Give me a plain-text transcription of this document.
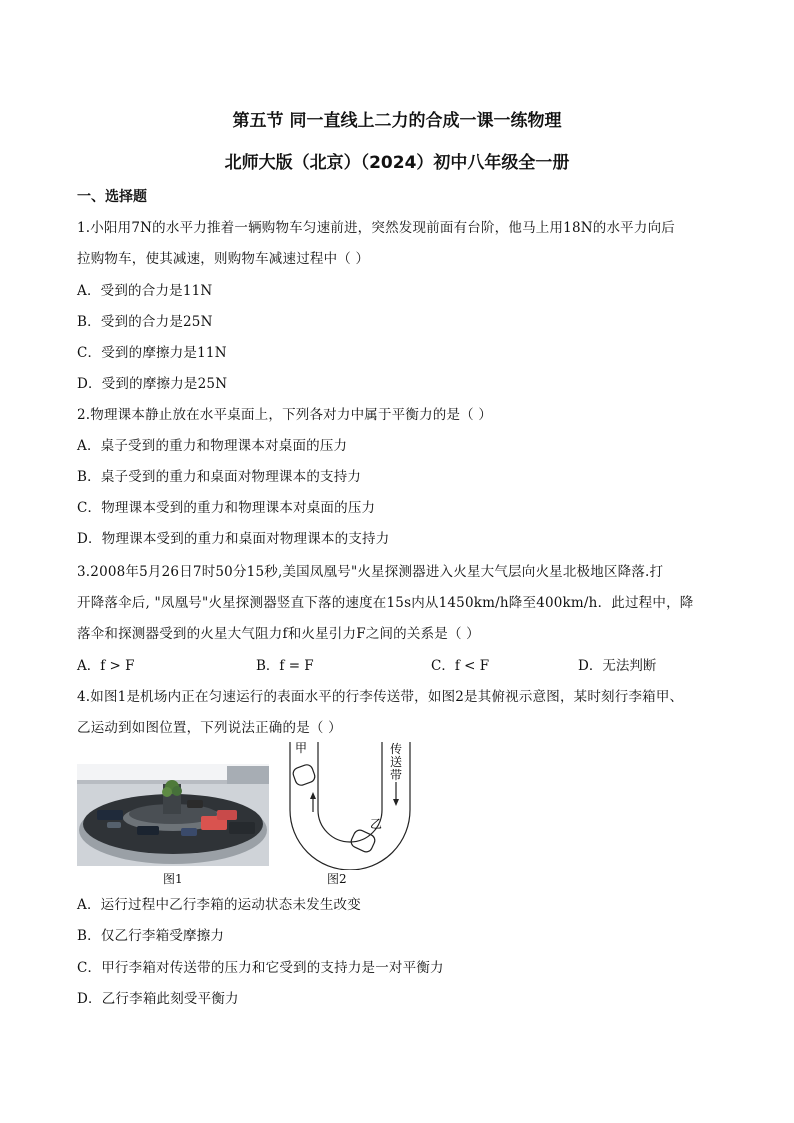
第五节 同一直线上二力的合成一课一练物理
北师大版（北京）（2024）初中八年级全一册
一、选择题
1.小阳用7N的水平力推着一辆购物车匀速前进，突然发现前面有台阶，他马上用18N的水平力向后
拉购物车，使其减速，则购物车减速过程中（ ）
A．受到的合力是11N
B．受到的合力是25N
C．受到的摩擦力是11N
D．受到的摩擦力是25N
2.物理课本静止放在水平桌面上，下列各对力中属于平衡力的是（ ）
A．桌子受到的重力和物理课本对桌面的压力
B．桌子受到的重力和桌面对物理课本的支持力
C．物理课本受到的重力和物理课本对桌面的压力
D．物理课本受到的重力和桌面对物理课本的支持力
3.2008年5月26日7时50分15秒,美国凤凰号"火星探测器进入火星大气层向火星北极地区降落.打
开降落伞后, "凤凰号"火星探测器竖直下落的速度在15s内从1450km/h降至400km/h．此过程中，降
落伞和探测器受到的火星大气阻力f和火星引力F之间的关系是（ ）
A．f > F	B．f = F	C．f < F	D．无法判断
4.如图1是机场内正在匀速运行的表面水平的行李传送带，如图2是其俯视示意图，某时刻行李箱甲、
乙运动到如图位置，下列说法正确的是（ ）
图1
甲
乙
传
送
带
图2
A．运行过程中乙行李箱的运动状态未发生改变
B．仅乙行李箱受摩擦力
C．甲行李箱对传送带的压力和它受到的支持力是一对平衡力
D．乙行李箱此刻受平衡力
